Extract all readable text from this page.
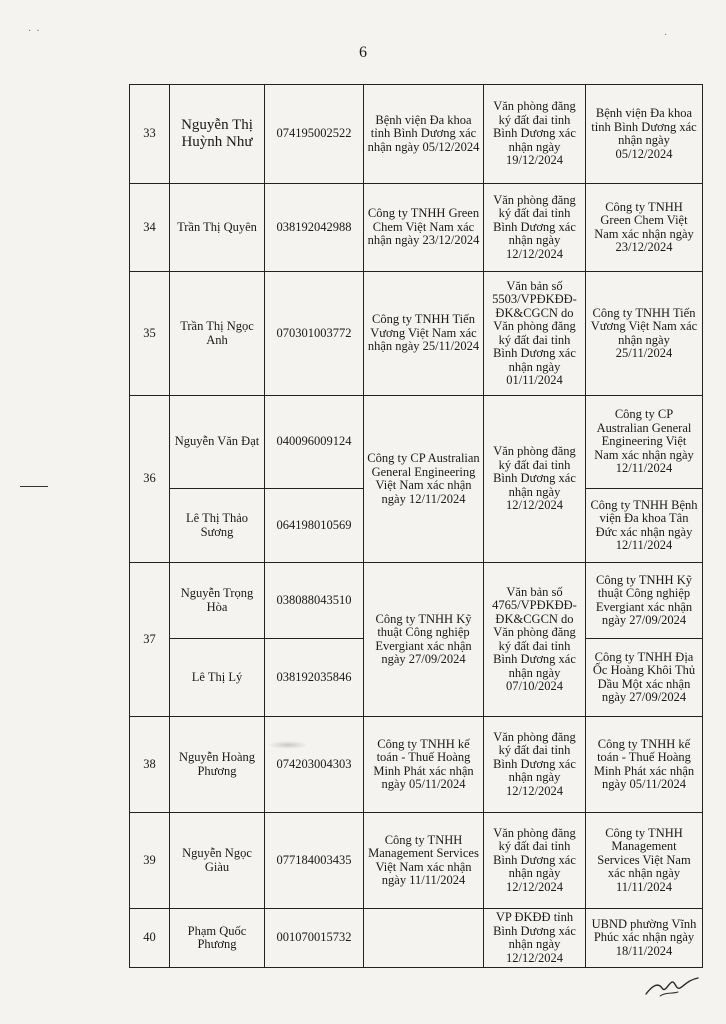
·  ·	·
6
33	Nguyễn Thị Huỳnh Như	074195002522	Bệnh viện Đa khoa tỉnh Bình Dương xác nhận ngày 05/12/2024	Văn phòng đăng ký đất đai tỉnh Bình Dương xác nhận ngày 19/12/2024	Bệnh viện Đa khoa tỉnh Bình Dương xác nhận ngày 05/12/2024
34	Trần Thị Quyên	038192042988	Công ty TNHH Green Chem Việt Nam xác nhận ngày 23/12/2024	Văn phòng đăng ký đất đai tỉnh Bình Dương xác nhận ngày 12/12/2024	Công ty TNHH Green Chem Việt Nam xác nhận ngày 23/12/2024
35	Trần Thị Ngọc Anh	070301003772	Công ty TNHH Tiến Vương Việt Nam xác nhận ngày 25/11/2024	Văn bản số 5503/VPĐKĐĐ-ĐK&CGCN do Văn phòng đăng ký đất đai tỉnh Bình Dương xác nhận ngày 01/11/2024	Công ty TNHH Tiến Vương Việt Nam xác nhận ngày 25/11/2024
36	Nguyễn Văn Đạt	040096009124	Công ty CP Australian General Engineering Việt Nam xác nhận ngày 12/11/2024	Văn phòng đăng ký đất đai tỉnh Bình Dương xác nhận ngày 12/12/2024	Công ty CP Australian General Engineering Việt Nam xác nhận ngày 12/11/2024
	Lê Thị Thảo Sương	064198010569			Công ty TNHH Bệnh viện Đa khoa Tân Đức xác nhận ngày 12/11/2024
37	Nguyễn Trọng Hòa	038088043510	Công ty TNHH Kỹ thuật Công nghiệp Evergiant xác nhận ngày 27/09/2024	Văn bản số 4765/VPĐKĐĐ-ĐK&CGCN do Văn phòng đăng ký đất đai tỉnh Bình Dương xác nhận ngày 07/10/2024	Công ty TNHH Kỹ thuật Công nghiệp Evergiant xác nhận ngày 27/09/2024
	Lê Thị Lý	038192035846			Công ty TNHH Địa Ốc Hoàng Khôi Thủ Dầu Một xác nhận ngày 27/09/2024
38	Nguyễn Hoàng Phương	074203004303	Công ty TNHH kế toán - Thuế Hoàng Minh Phát xác nhận ngày 05/11/2024	Văn phòng đăng ký đất đai tỉnh Bình Dương xác nhận ngày 12/12/2024	Công ty TNHH kế toán - Thuế Hoàng Minh Phát xác nhận ngày 05/11/2024
39	Nguyễn Ngọc Giàu	077184003435	Công ty TNHH Management Services Việt Nam xác nhận ngày 11/11/2024	Văn phòng đăng ký đất đai tỉnh Bình Dương xác nhận ngày 12/12/2024	Công ty TNHH Management Services Việt Nam xác nhận ngày 11/11/2024
40	Phạm Quốc Phương	001070015732		VP ĐKĐĐ tỉnh Bình Dương xác nhận ngày 12/12/2024	UBND phường Vĩnh Phúc xác nhận ngày 18/11/2024
